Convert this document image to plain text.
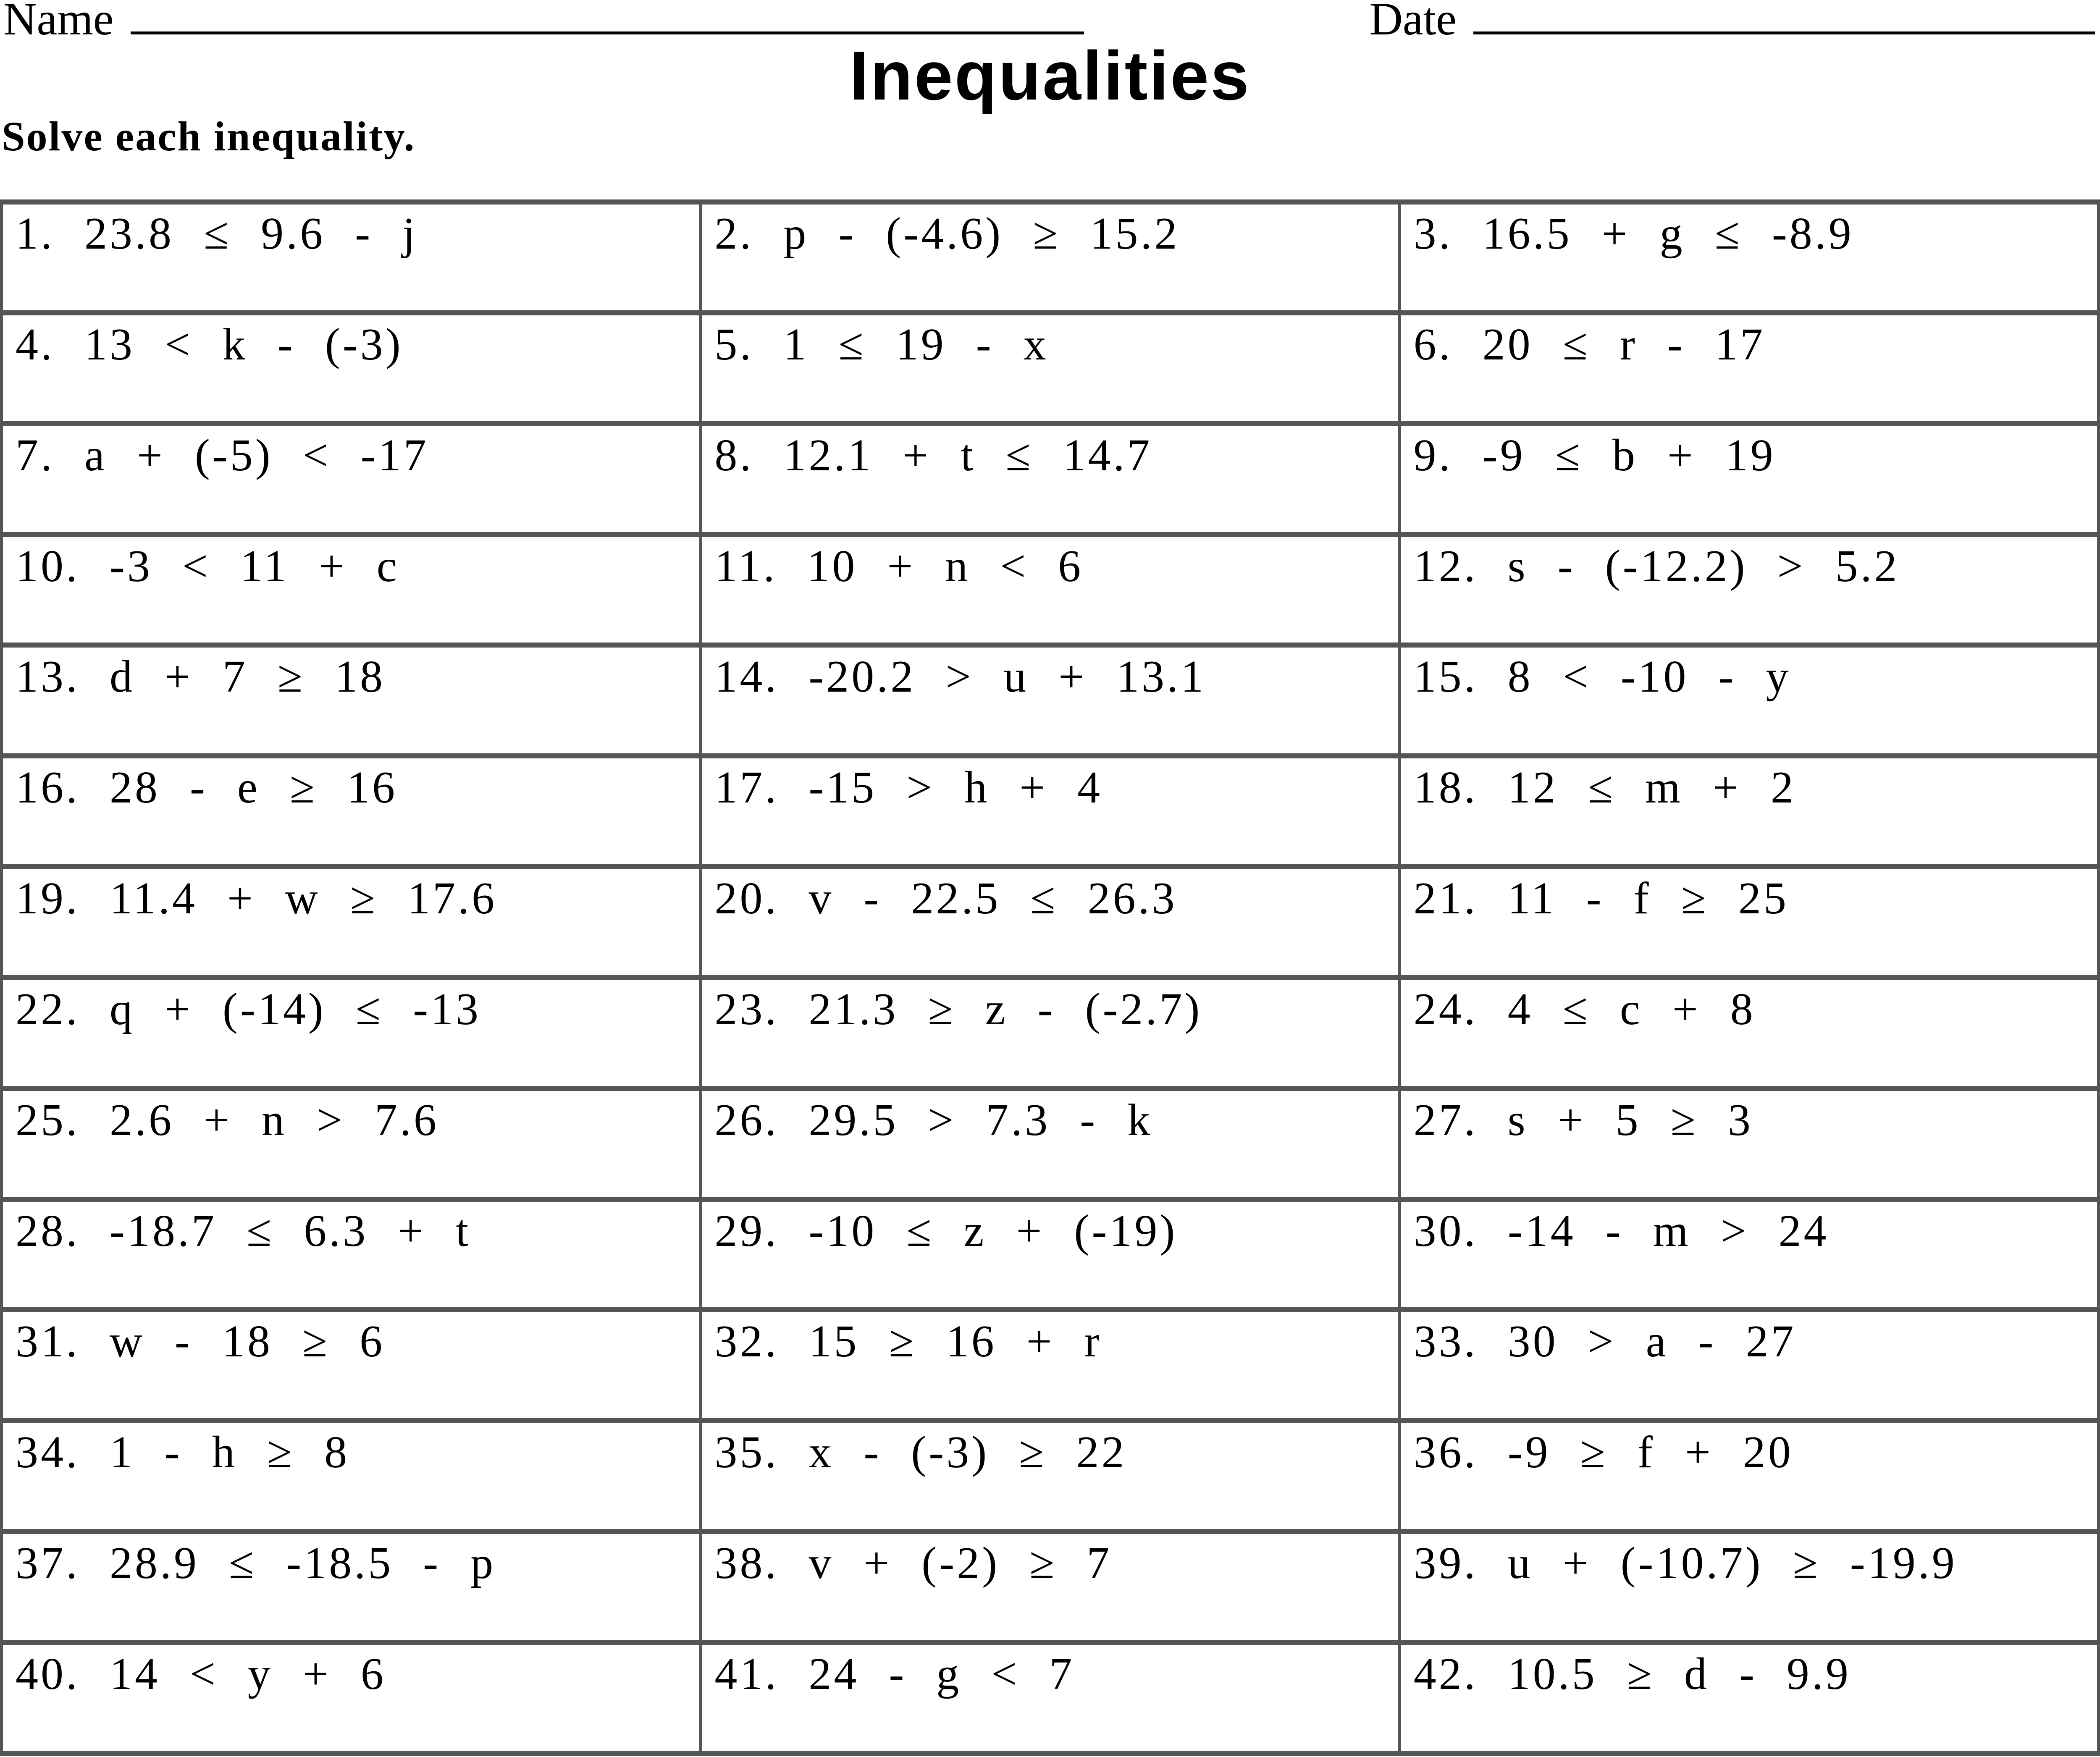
Name	Date
Inequalities
Solve each inequality.
1. 23.8 ≤ 9.6 - j	2. p - (-4.6) ≥ 15.2	3. 16.5 + g ≤ -8.9
4. 13 < k - (-3)	5. 1 ≤ 19 - x	6. 20 ≤ r - 17
7. a + (-5) < -17	8. 12.1 + t ≤ 14.7	9. -9 ≤ b + 19
10. -3 < 11 + c	11. 10 + n < 6	12. s - (-12.2) > 5.2
13. d + 7 ≥ 18	14. -20.2 > u + 13.1	15. 8 < -10 - y
16. 28 - e ≥ 16	17. -15 > h + 4	18. 12 ≤ m + 2
19. 11.4 + w ≥ 17.6	20. v - 22.5 ≤ 26.3	21. 11 - f ≥ 25
22. q + (-14) ≤ -13	23. 21.3 ≥ z - (-2.7)	24. 4 ≤ c + 8
25. 2.6 + n > 7.6	26. 29.5 > 7.3 - k	27. s + 5 ≥ 3
28. -18.7 ≤ 6.3 + t	29. -10 ≤ z + (-19)	30. -14 - m > 24
31. w - 18 ≥ 6	32. 15 ≥ 16 + r	33. 30 > a - 27
34. 1 - h ≥ 8	35. x - (-3) ≥ 22	36. -9 ≥ f + 20
37. 28.9 ≤ -18.5 - p	38. v + (-2) ≥ 7	39. u + (-10.7) ≥ -19.9
40. 14 < y + 6	41. 24 - g < 7	42. 10.5 ≥ d - 9.9
